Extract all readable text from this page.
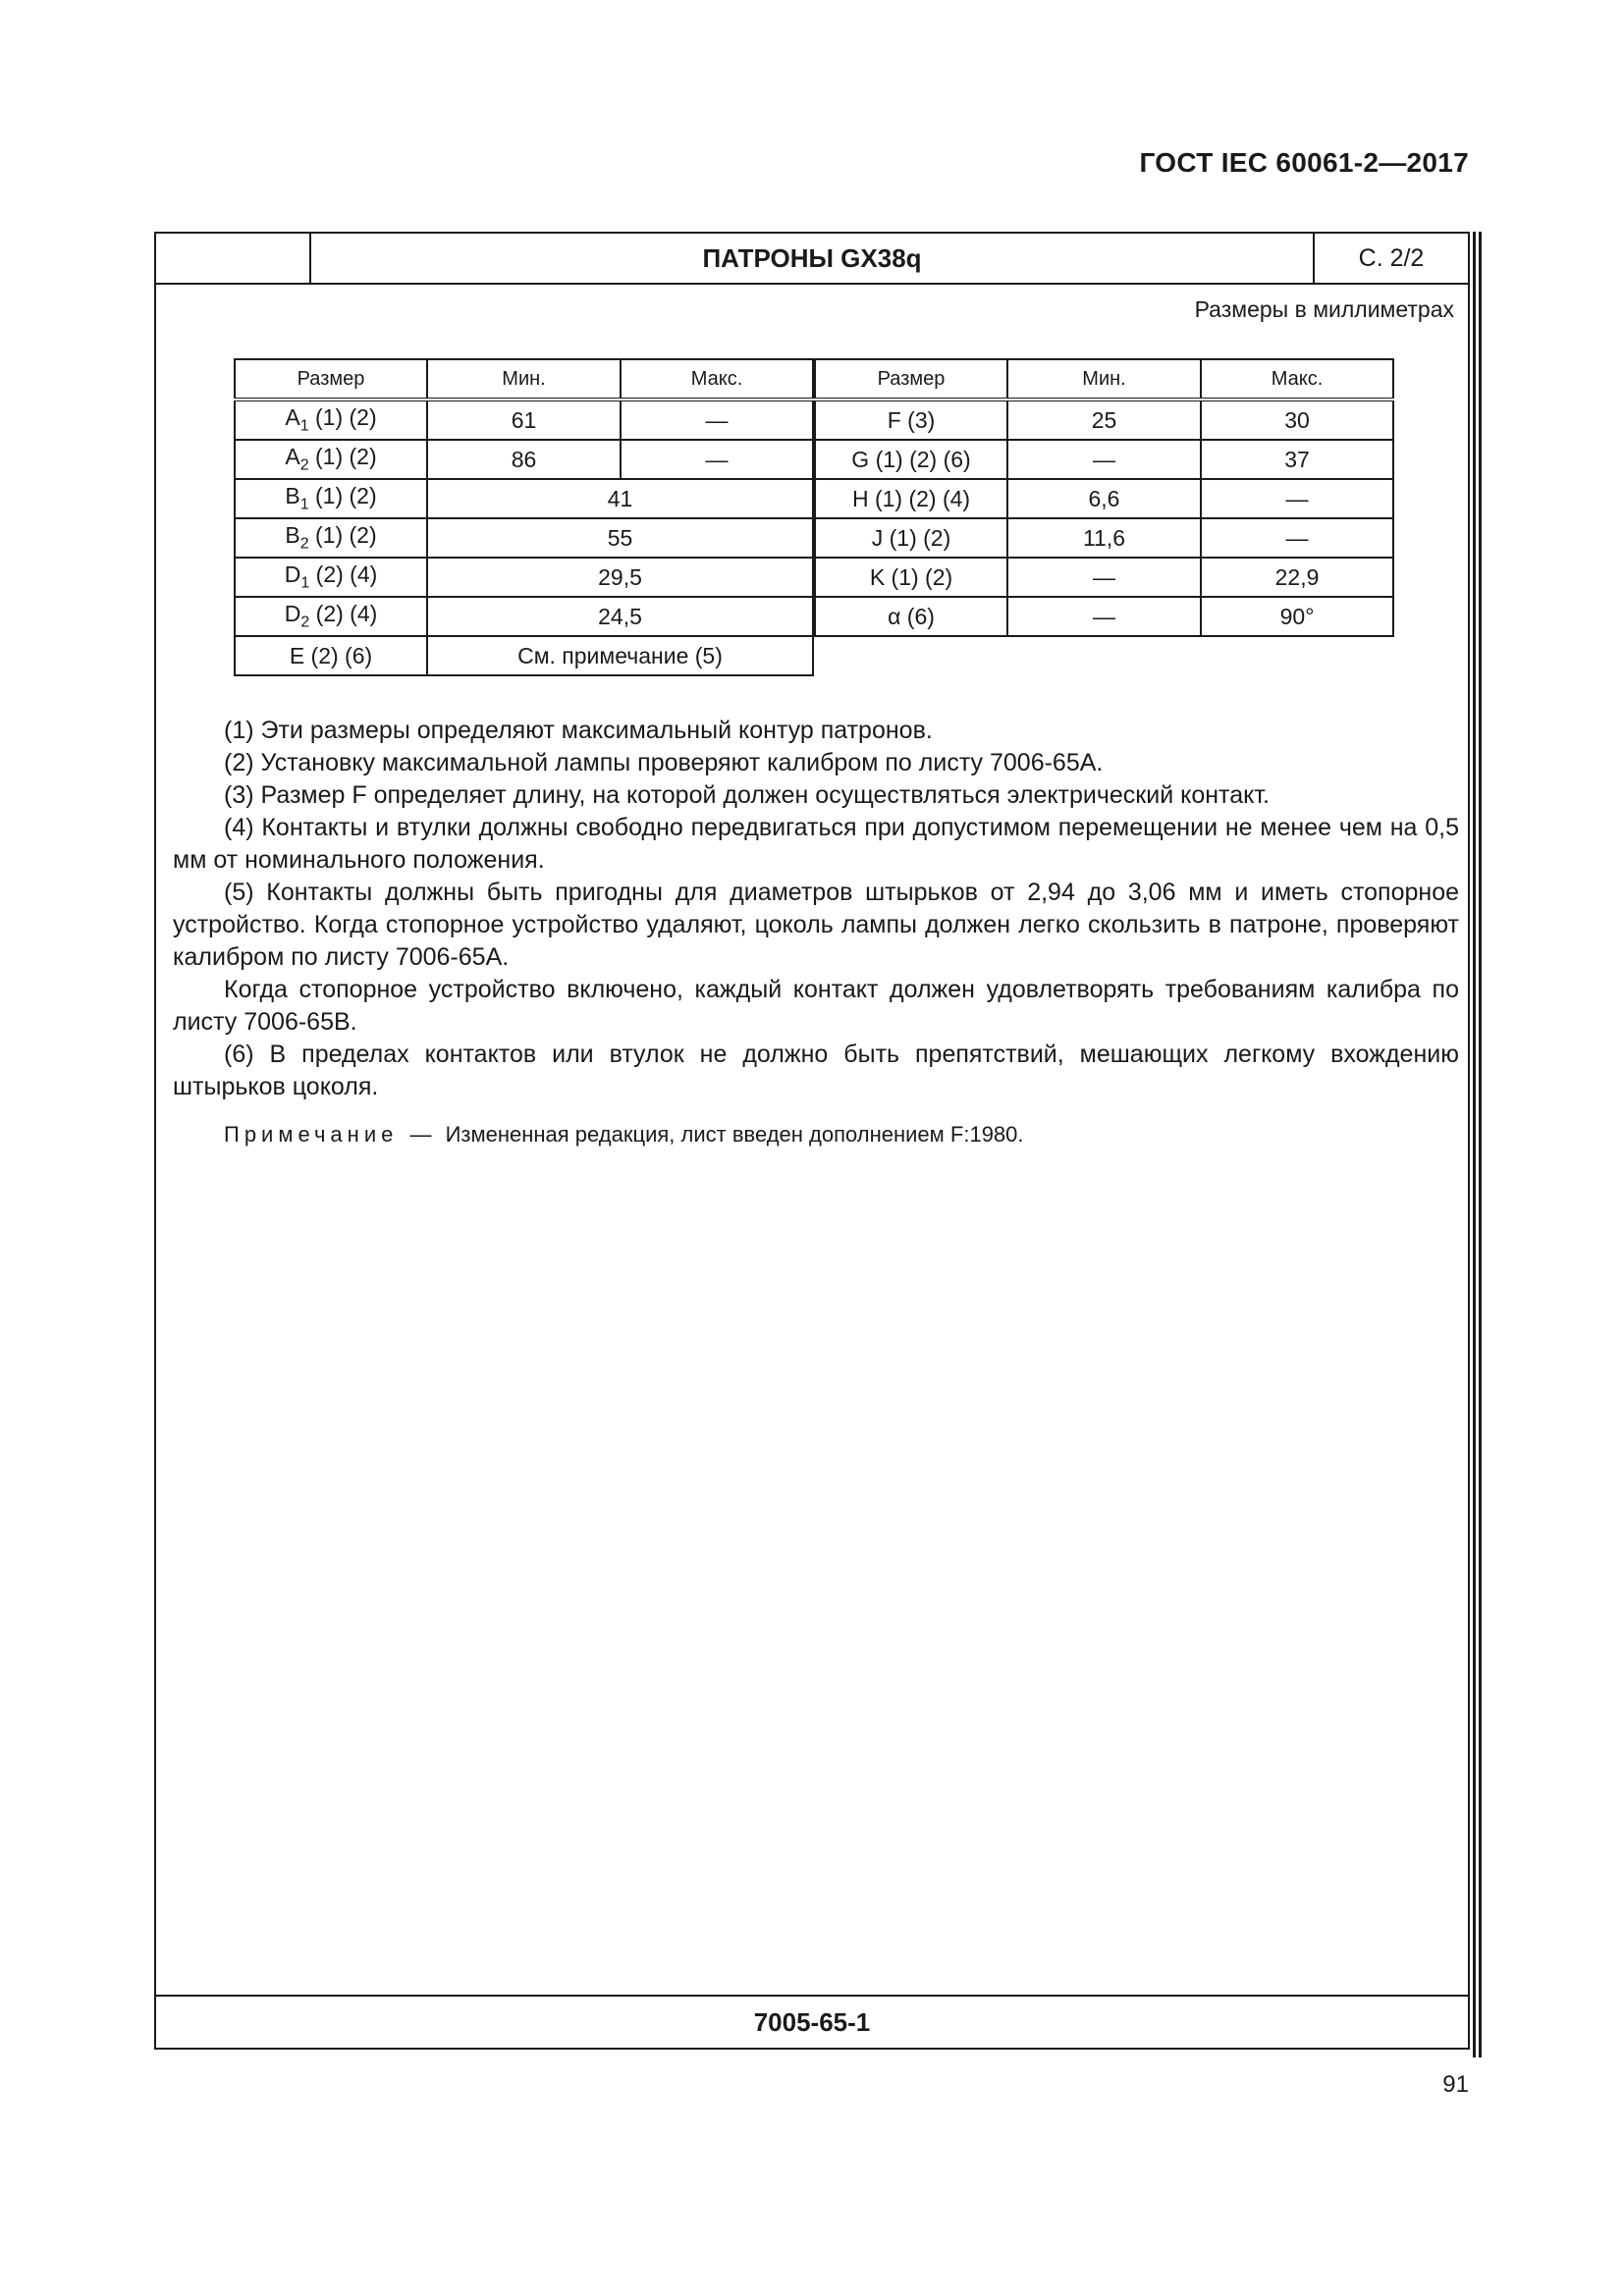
ГОСТ IEC 60061-2—2017
ПАТРОНЫ GX38q	С. 2/2
Размеры в миллиметрах
Размер	Мин.	Макс.
$A_1$ (1) (2)	61	—
$A_2$ (1) (2)	86	—
$B_1$ (1) (2)	41	
$B_2$ (1) (2)	55	
$D_1$ (2) (4)	29,5	
$D_2$ (2) (4)	24,5	
E (2) (6)	См. примечание (5)	
Размер	Мин.	Макс.
F (3)	25	30
G (1) (2) (6)	—	37
H (1) (2) (4)	6,6	—
J (1) (2)	11,6	—
K (1) (2)	—	22,9
α (6)	—	90°

(1) Эти размеры определяют максимальный контур патронов.

(2) Установку максимальной лампы проверяют калибром по листу 7006-65А.

(3) Размер F определяет длину, на которой должен осуществляться электрический контакт.

(4) Контакты и втулки должны свободно передвигаться при допустимом перемещении не менее чем на 0,5 мм от номинального положения.

(5) Контакты должны быть пригодны для диаметров штырьков от 2,94 до 3,06 мм и иметь стопорное устройство. Когда стопорное устройство удаляют, цоколь лампы должен легко скользить в патроне, проверяют калибром по листу 7006-65А.

Когда стопорное устройство включено, каждый контакт должен удовлетворять требованиям калибра по листу 7006-65В.

(6) В пределах контактов или втулок не должно быть препятствий, мешающих легкому вхождению штырьков цоколя.

Примечание — Измененная редакция, лист введен дополнением F:1980.
7005-65-1
91
